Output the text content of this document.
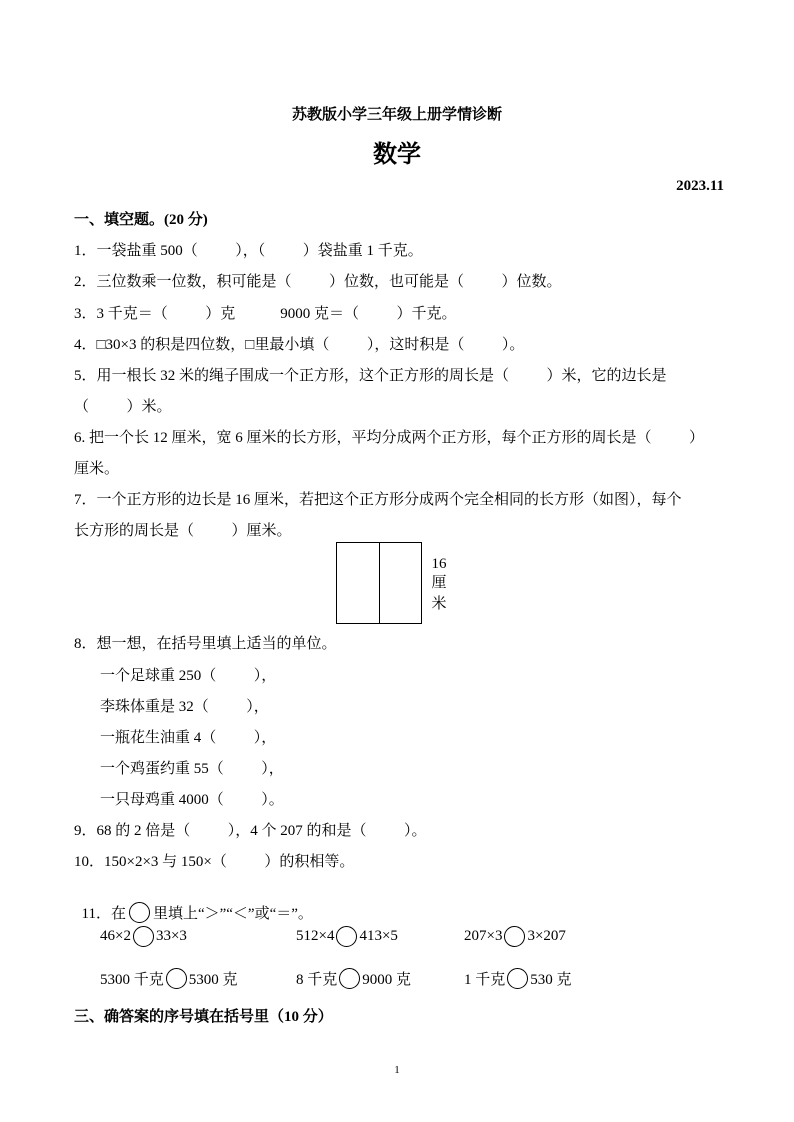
苏教版小学三年级上册学情诊断
数学
2023.11
一、填空题。(20 分)
1．一袋盐重 500（          ），（          ）袋盐重 1 千克。
2．三位数乘一位数，积可能是（          ）位数，也可能是（          ）位数。
3．3 千克＝（          ）克            9000 克＝（          ）千克。
4．□30×3 的积是四位数，□里最小填（          ），这时积是（          ）。
5．用一根长 32 米的绳子围成一个正方形，这个正方形的周长是（          ）米，它的边长是
（          ）米。
6. 把一个长 12 厘米，宽 6 厘米的长方形，平均分成两个正方形，每个正方形的周长是（          ）
厘米。
7．一个正方形的边长是 16 厘米，若把这个正方形分成两个完全相同的长方形（如图），每个
长方形的周长是（          ）厘米。
16
厘
米
8．想一想，在括号里填上适当的单位。
一个足球重 250（          ），
李珠体重是 32（          ），
一瓶花生油重 4（          ），
一个鸡蛋约重 55（          ），
一只母鸡重 4000（          ）。
9．68 的 2 倍是（          ），4 个 207 的和是（          ）。
10．150×2×3 与 150×（          ）的积相等。

11．在 里填上“＞”“＜”或“＝”。

46×2 33×3	512×4 413×5	207×3 3×207
5300 千克 5300 克	8 千克 9000 克	1 千克 530 克
三、确答案的序号填在括号里（10 分）
1
